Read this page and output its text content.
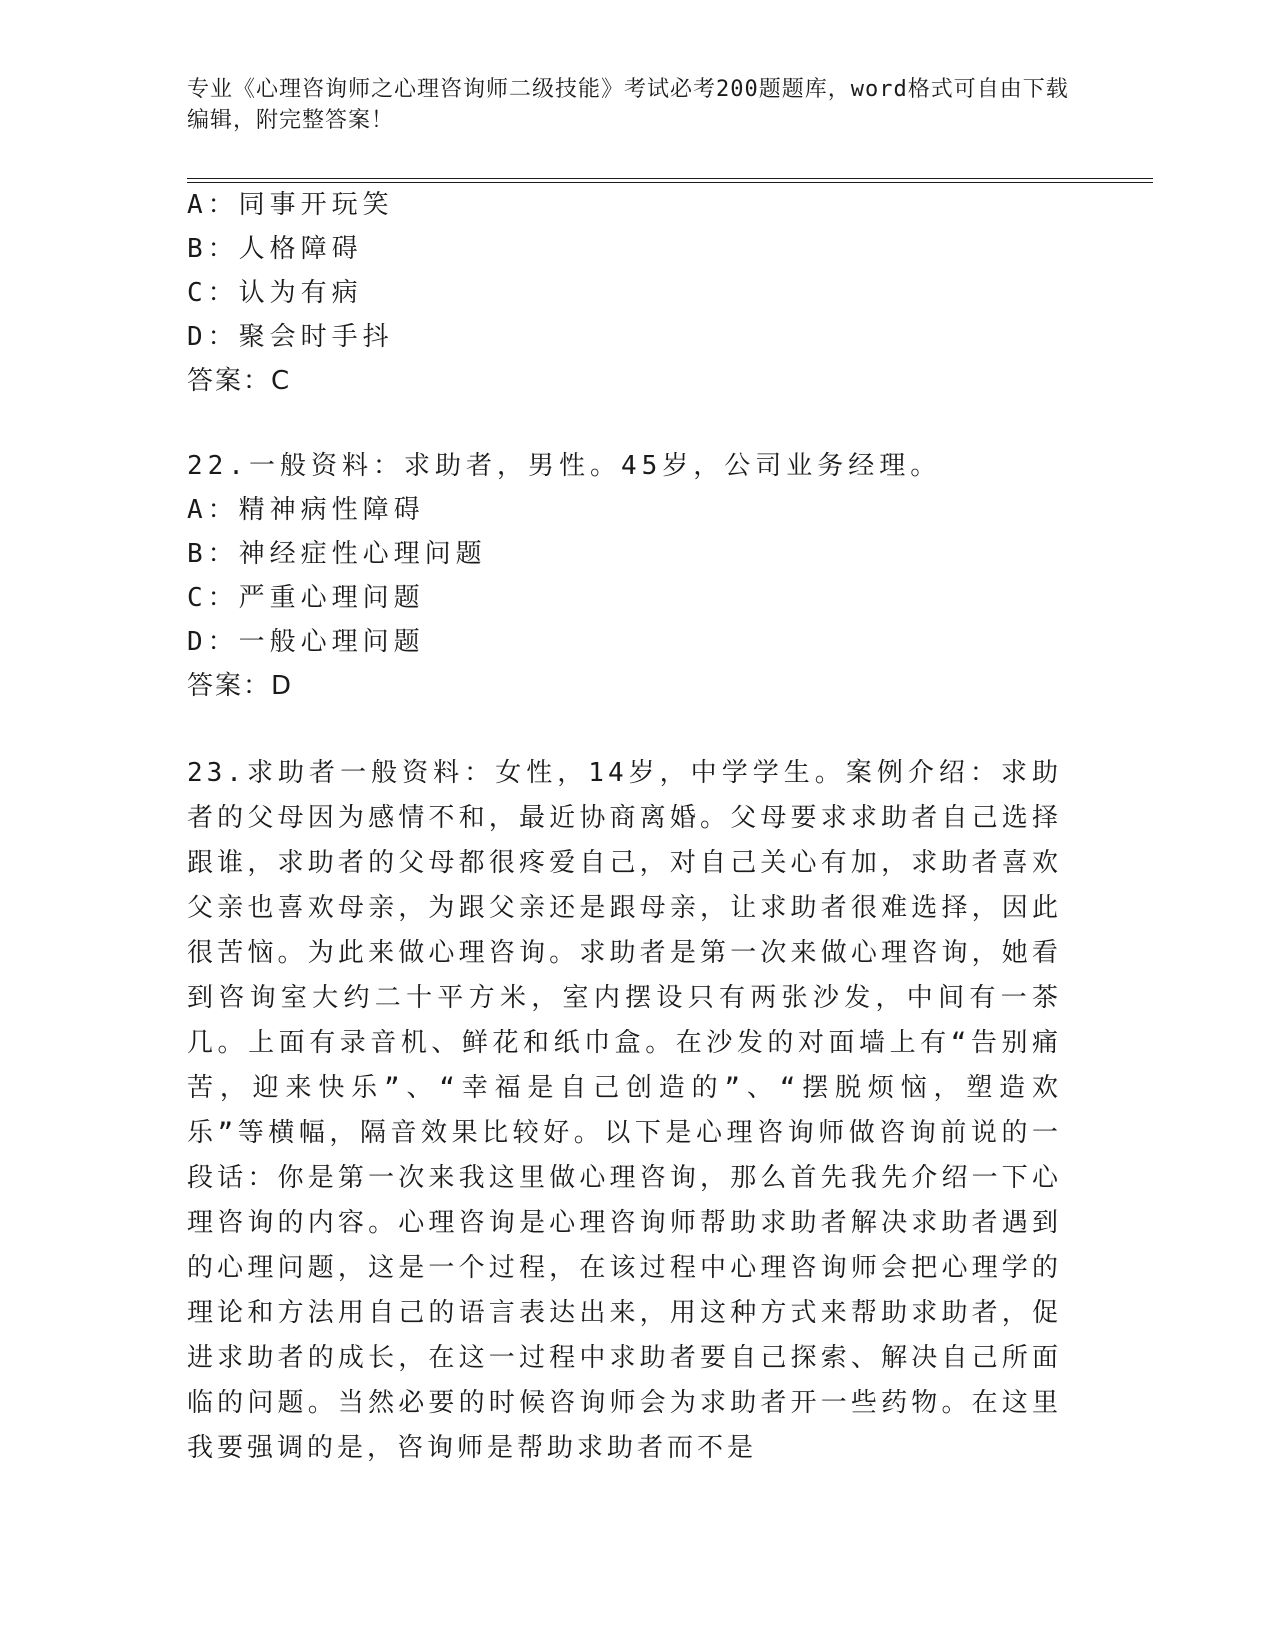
专业《心理咨询师之心理咨询师二级技能》考试必考200题题库，word格式可自由下载编辑，附完整答案！

A：同事开玩笑

B：人格障碍

C：认为有病

D：聚会时手抖

答案：C

22.一般资料：求助者，男性。45岁，公司业务经理。

A：精神病性障碍

B：神经症性心理问题

C：严重心理问题

D：一般心理问题

答案：D

23.求助者一般资料：女性，14岁，中学学生。案例介绍：求助者的父母因为感情不和，最近协商离婚。父母要求求助者自己选择跟谁，求助者的父母都很疼爱自己，对自己关心有加，求助者喜欢父亲也喜欢母亲，为跟父亲还是跟母亲，让求助者很难选择，因此很苦恼。为此来做心理咨询。求助者是第一次来做心理咨询，她看到咨询室大约二十平方米，室内摆设只有两张沙发，中间有一茶几。上面有录音机、鲜花和纸巾盒。在沙发的对面墙上有“告别痛苦，迎来快乐”、“幸福是自己创造的”、“摆脱烦恼，塑造欢乐”等横幅，隔音效果比较好。以下是心理咨询师做咨询前说的一段话：你是第一次来我这里做心理咨询，那么首先我先介绍一下心理咨询的内容。心理咨询是心理咨询师帮助求助者解决求助者遇到的心理问题，这是一个过程，在该过程中心理咨询师会把心理学的理论和方法用自己的语言表达出来，用这种方式来帮助求助者，促进求助者的成长，在这一过程中求助者要自己探索、解决自己所面临的问题。当然必要的时候咨询师会为求助者开一些药物。在这里我要强调的是，咨询师是帮助求助者而不是
